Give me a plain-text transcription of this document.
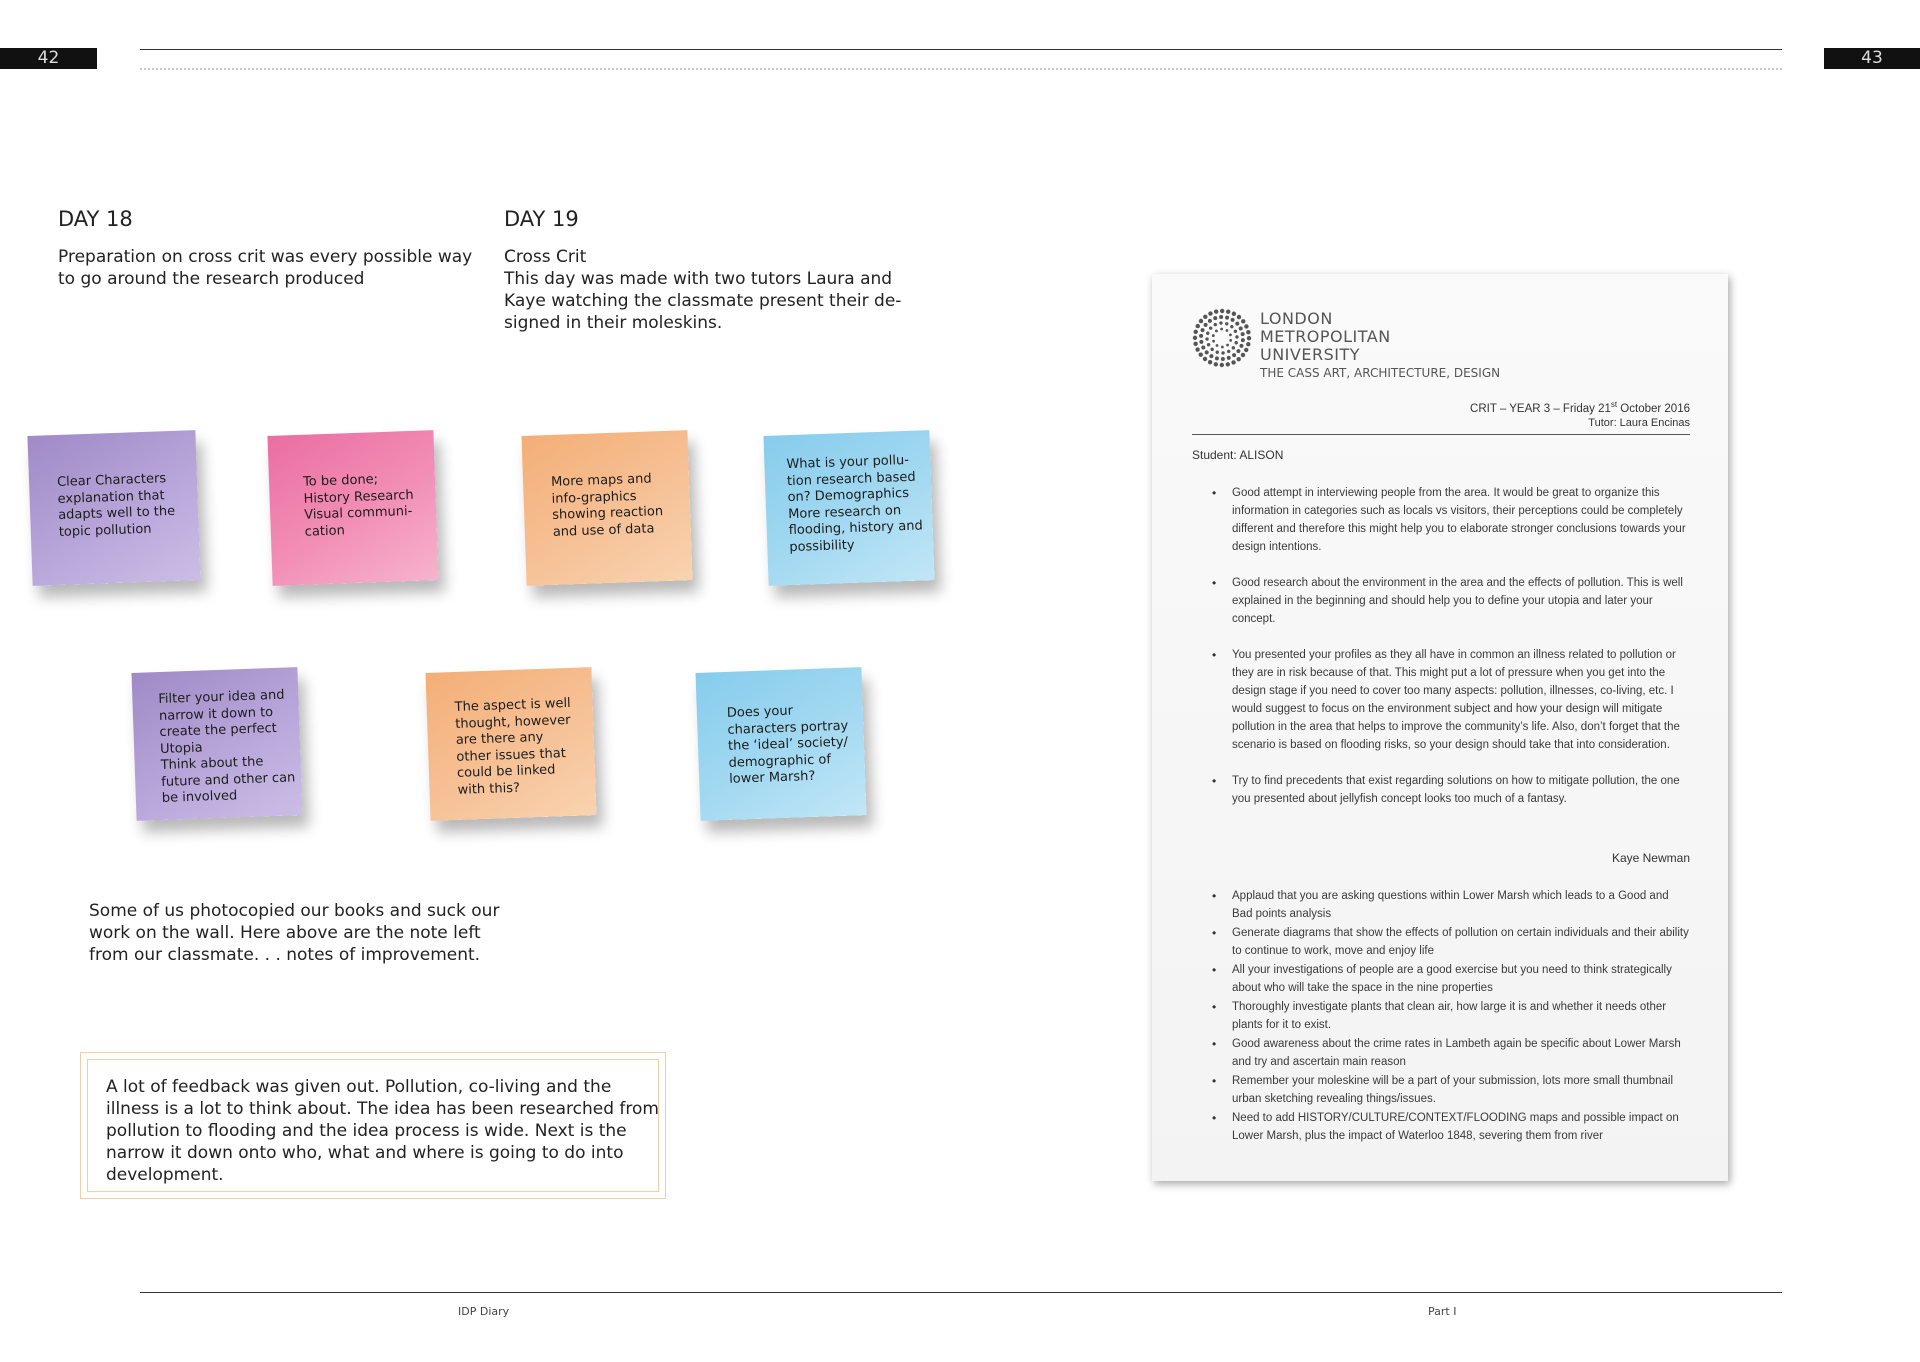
42	43
DAY 18
Preparation on cross crit was every possible way
to go around the research produced
DAY 19
Cross Crit
This day was made with two tutors Laura and
Kaye watching the classmate present their de-
signed in their moleskins.
Clear Characters
explanation that
adapts well to the
topic pollution
To be done;
History Research
Visual communi-
cation
More maps and
info-graphics
showing reaction
and use of data
What is your pollu-
tion research based
on? Demographics
More research on
flooding, history and
possibility
Filter your idea and
narrow it down to
create the perfect
Utopia
Think about the
future and other can
be involved
The aspect is well
thought, however
are there any
other issues that
could be linked
with this?
Does your
characters portray
the ‘ideal’ society/
demographic of
lower Marsh?
Some of us photocopied our books and suck our
work on the wall. Here above are the note left
from our classmate. . . notes of improvement.
A lot of feedback was given out. Pollution, co-living and the
illness is a lot to think about. The idea has been researched from
pollution to flooding and the idea process is wide. Next is the
narrow it down onto who, what and where is going to do into
development.
LONDON
METROPOLITAN
UNIVERSITY
THE CASS ART, ARCHITECTURE, DESIGN
CRIT – YEAR 3 – Friday 21st October 2016
Tutor: Laura Encinas
Student: ALISON
• Good attempt in interviewing people from the area. It would be great to organize this information in categories such as locals vs visitors, their perceptions could be completely different and therefore this might help you to elaborate stronger conclusions towards your design intentions.
• Good research about the environment in the area and the effects of pollution. This is well explained in the beginning and should help you to define your utopia and later your concept.
• You presented your profiles as they all have in common an illness related to pollution or they are in risk because of that. This might put a lot of pressure when you get into the design stage if you need to cover too many aspects: pollution, illnesses, co-living, etc. I would suggest to focus on the environment subject and how your design will mitigate pollution in the area that helps to improve the community’s life. Also, don’t forget that the scenario is based on flooding risks, so your design should take that into consideration.
• Try to find precedents that exist regarding solutions on how to mitigate pollution, the one you presented about jellyfish concept looks too much of a fantasy.
Kaye Newman
• Applaud that you are asking questions within Lower Marsh which leads to a Good and Bad points analysis
• Generate diagrams that show the effects of pollution on certain individuals and their ability to continue to work, move and enjoy life
• All your investigations of people are a good exercise but you need to think strategically about who will take the space in the nine properties
• Thoroughly investigate plants that clean air, how large it is and whether it needs other plants for it to exist.
• Good awareness about the crime rates in Lambeth again be specific about Lower Marsh and try and ascertain main reason
• Remember your moleskine will be a part of your submission, lots more small thumbnail urban sketching revealing things/issues.
• Need to add HISTORY/CULTURE/CONTEXT/FLOODING maps and possible impact on Lower Marsh, plus the impact of Waterloo 1848, severing them from river
IDP Diary	Part I
